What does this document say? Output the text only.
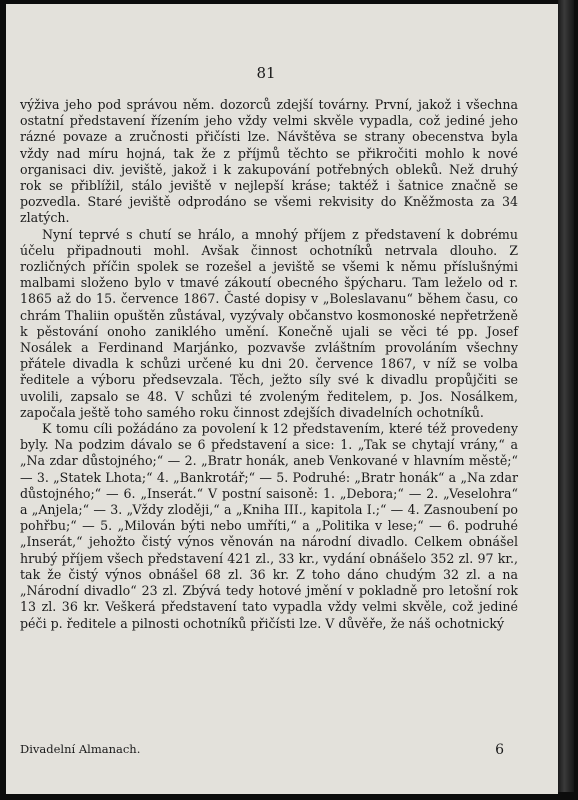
81

výživa jeho pod správou něm. dozorců zdejší továrny. První, jakož i všechna ostatní představení řízením jeho vždy velmi skvěle vypadla, což jediné jeho rázné povaze a zručnosti přičísti lze. Návštěva se strany obecenstva byla vždy nad míru hojná, tak že z příjmů těchto se přikročiti mohlo k nové organisaci div. jeviště, jakož i k zakupování potřebných obleků. Než druhý rok se přiblížil, stálo jeviště v nejlepší kráse; taktéž i šatnice značně se pozvedla. Staré jeviště odprodáno se všemi rekvisity do Kněžmosta za 34 zlatých.

Nyní teprvé s chutí se hrálo, a mnohý příjem z představení k dobrému účelu připadnouti mohl. Avšak činnost ochotníků netrvala dlouho. Z rozličných příčin spolek se rozešel a jeviště se všemi k němu příslušnými malbami složeno bylo v tmavé zákoutí obecného špýcharu. Tam leželo od r. 1865 až do 15. července 1867. Časté dopisy v „Boleslavanu“ během času, co chrám Thaliin opuštěn zůstával, vyzývaly občanstvo kosmonoské nepřetrženě k pěstování onoho zaniklého umění. Konečně ujali se věci té pp. Josef Nosálek a Ferdinand Marjánko, pozvavše zvláštním provoláním všechny přátele divadla k schůzi určené ku dni 20. července 1867, v níž se volba ředitele a výboru předsevzala. Těch, ježto síly své k divadlu propůjčiti se uvolili, zapsalo se 48. V schůzi té zvoleným ředitelem, p. Jos. Nosálkem, započala ještě toho samého roku činnost zdejších divadelních ochotníků.

K tomu cíli požádáno za povolení k 12 představením, které též provedeny byly. Na podzim dávalo se 6 představení a sice: 1. „Tak se chytají vrány,“ a „Na zdar důstojného;“ — 2. „Bratr honák, aneb Venkované v hlavním městě;“ — 3. „Statek Lhota;“ 4. „Bankrotář;“ — 5. Podruhé: „Bratr honák“ a „Na zdar důstojného;“ — 6. „Inserát.“ V postní saisoně: 1. „Debora;“ — 2. „Veselohra“ a „Anjela;“ — 3. „Vždy zloději,“ a „Kniha III., kapitola I.;“ — 4. Zasnoubení po pohřbu;“ — 5. „Milován býti nebo umříti,“ a „Politika v lese;“ — 6. podruhé „Inserát,“ jehožto čistý výnos věnován na národní divadlo. Celkem obnášel hrubý příjem všech představení 421 zl., 33 kr., vydání obnášelo 352 zl. 97 kr., tak že čistý výnos obnášel 68 zl. 36 kr. Z toho dáno chudým 32 zl. a na „Národní divadlo“ 23 zl. Zbývá tedy hotové jmění v pokladně pro letošní rok 13 zl. 36 kr. Veškerá představení tato vypadla vždy velmi skvěle, což jediné péči p. ředitele a pilnosti ochotníků přičísti lze. V důvěře, že náš ochotnický

Divadelní Almanach.	6
